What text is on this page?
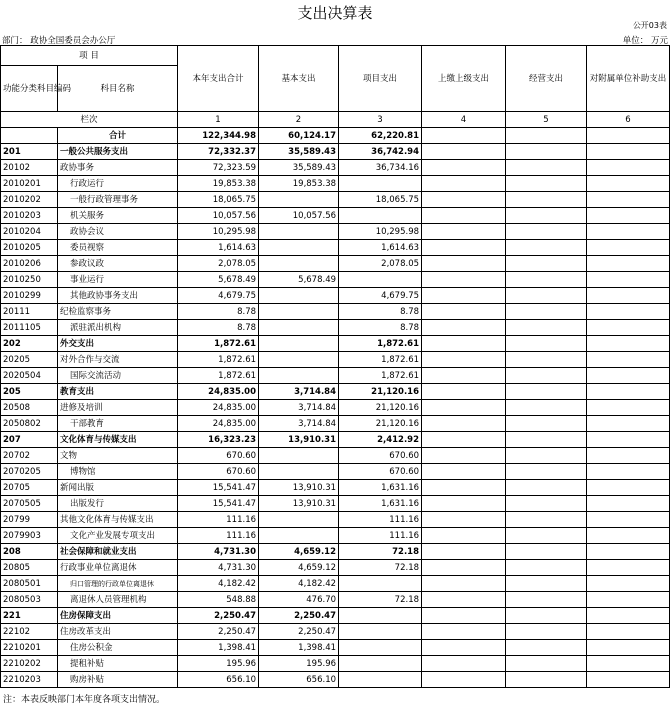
支出决算表
公开03表
部门： 政协全国委员会办公厅	单位： 万元
项 目		本年支出合计	基本支出	项目支出	上缴上级支出	经营支出	对附属单位补助支出
功能分类科目编码	科目名称						

栏次		1	2	3	4	5	6
	合计	122,344.98	60,124.17	62,220.81			
201	一般公共服务支出	72,332.37	35,589.43	36,742.94			
20102	政协事务	72,323.59	35,589.43	36,734.16			
2010201	行政运行	19,853.38	19,853.38				
2010202	一般行政管理事务	18,065.75		18,065.75			
2010203	机关服务	10,057.56	10,057.56				
2010204	政协会议	10,295.98		10,295.98			
2010205	委员视察	1,614.63		1,614.63			
2010206	参政议政	2,078.05		2,078.05			
2010250	事业运行	5,678.49	5,678.49				
2010299	其他政协事务支出	4,679.75		4,679.75			
20111	纪检监察事务	8.78		8.78			
2011105	派驻派出机构	8.78		8.78			
202	外交支出	1,872.61		1,872.61			
20205	对外合作与交流	1,872.61		1,872.61			
2020504	国际交流活动	1,872.61		1,872.61			
205	教育支出	24,835.00	3,714.84	21,120.16			
20508	进修及培训	24,835.00	3,714.84	21,120.16			
2050802	干部教育	24,835.00	3,714.84	21,120.16			
207	文化体育与传媒支出	16,323.23	13,910.31	2,412.92			
20702	文物	670.60		670.60			
2070205	博物馆	670.60		670.60			
20705	新闻出版	15,541.47	13,910.31	1,631.16			
2070505	出版发行	15,541.47	13,910.31	1,631.16			
20799	其他文化体育与传媒支出	111.16		111.16			
2079903	文化产业发展专项支出	111.16		111.16			
208	社会保障和就业支出	4,731.30	4,659.12	72.18			
20805	行政事业单位离退休	4,731.30	4,659.12	72.18			
2080501	归口管理的行政单位离退休	4,182.42	4,182.42				
2080503	离退休人员管理机构	548.88	476.70	72.18			
221	住房保障支出	2,250.47	2,250.47				
22102	住房改革支出	2,250.47	2,250.47				
2210201	住房公积金	1,398.41	1,398.41				
2210202	提租补贴	195.96	195.96				
2210203	购房补贴	656.10	656.10				
注：本表反映部门本年度各项支出情况。
